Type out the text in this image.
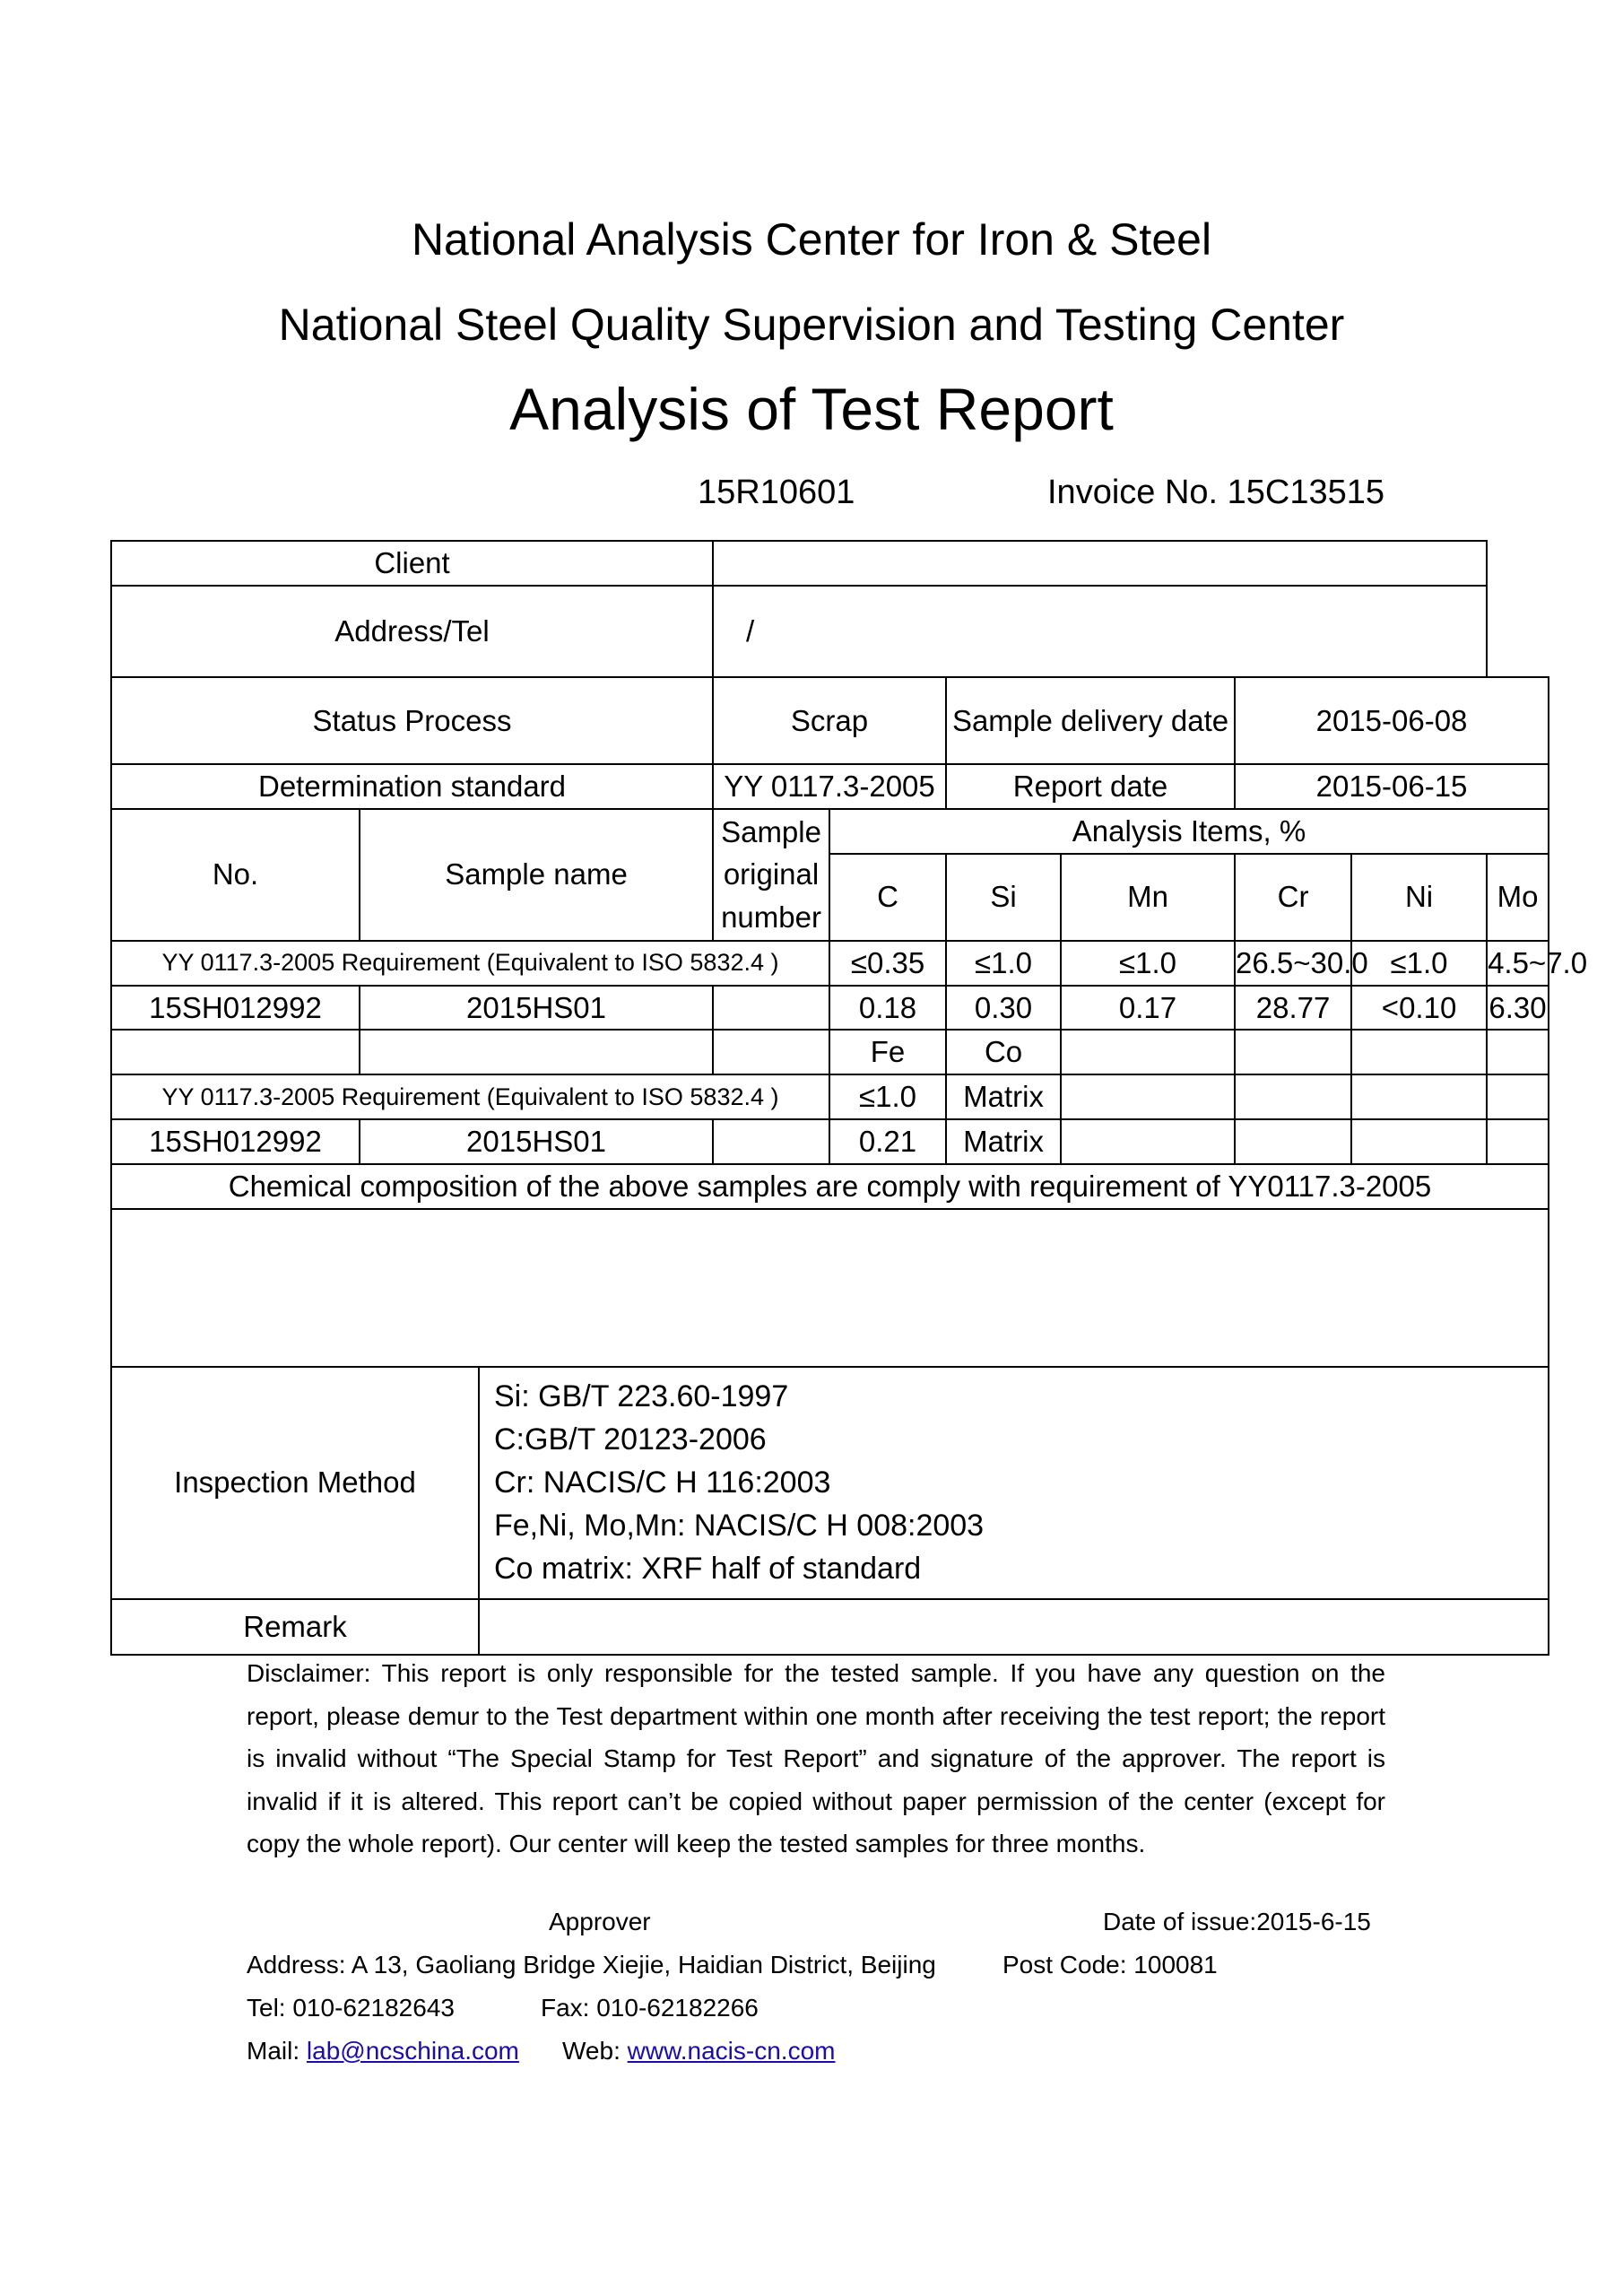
National Analysis Center for Iron & Steel
National Steel Quality Supervision and Testing Center
Analysis of Test Report
15R10601	Invoice No. 15C13515
Client									
Address/Tel			/						
Status Process			Scrap		Sample delivery date		2015-06-08		
Determination standard			YY 0117.3-2005		Report date		2015-06-15		
No.	Sample name		Sample original number	Analysis Items, %					
				C	Si	Mn	Cr	Ni	Mo
YY 0117.3-2005 Requirement (Equivalent to ISO 5832.4 )				≤0.35	≤1.0	≤1.0	26.5~30.0	≤1.0	4.5~7.0
15SH012992	2015HS01			0.18	0.30	0.17	28.77	<0.10	6.30
				Fe	Co				
YY 0117.3-2005 Requirement (Equivalent to ISO 5832.4 )				≤1.0	Matrix				
15SH012992	2015HS01			0.21	Matrix				
Chemical composition of the above samples are comply with requirement of YY0117.3-2005									

Inspection Method		Si: GB/T 223.60-1997
C:GB/T 20123-2006
Cr: NACIS/C H 116:2003
Fe,Ni, Mo,Mn: NACIS/C H 008:2003
Co matrix: XRF half of standard							

Remark									
Disclaimer: This report is only responsible for the tested sample. If you have any question on the report, please demur to the Test department within one month after receiving the test report; the report is invalid without “The Special Stamp for Test Report” and signature of the approver. The report is invalid if it is altered. This report can’t be copied without paper permission of the center (except for copy the whole report). Our center will keep the tested samples for three months.
Approver	Date of issue:2015-6-15
Address: A 13, Gaoliang Bridge Xiejie, Haidian District, Beijing	Post Code: 100081
Tel: 010-62182643	Fax: 010-62182266
Mail: lab@ncschina.com Web: www.nacis-cn.com
